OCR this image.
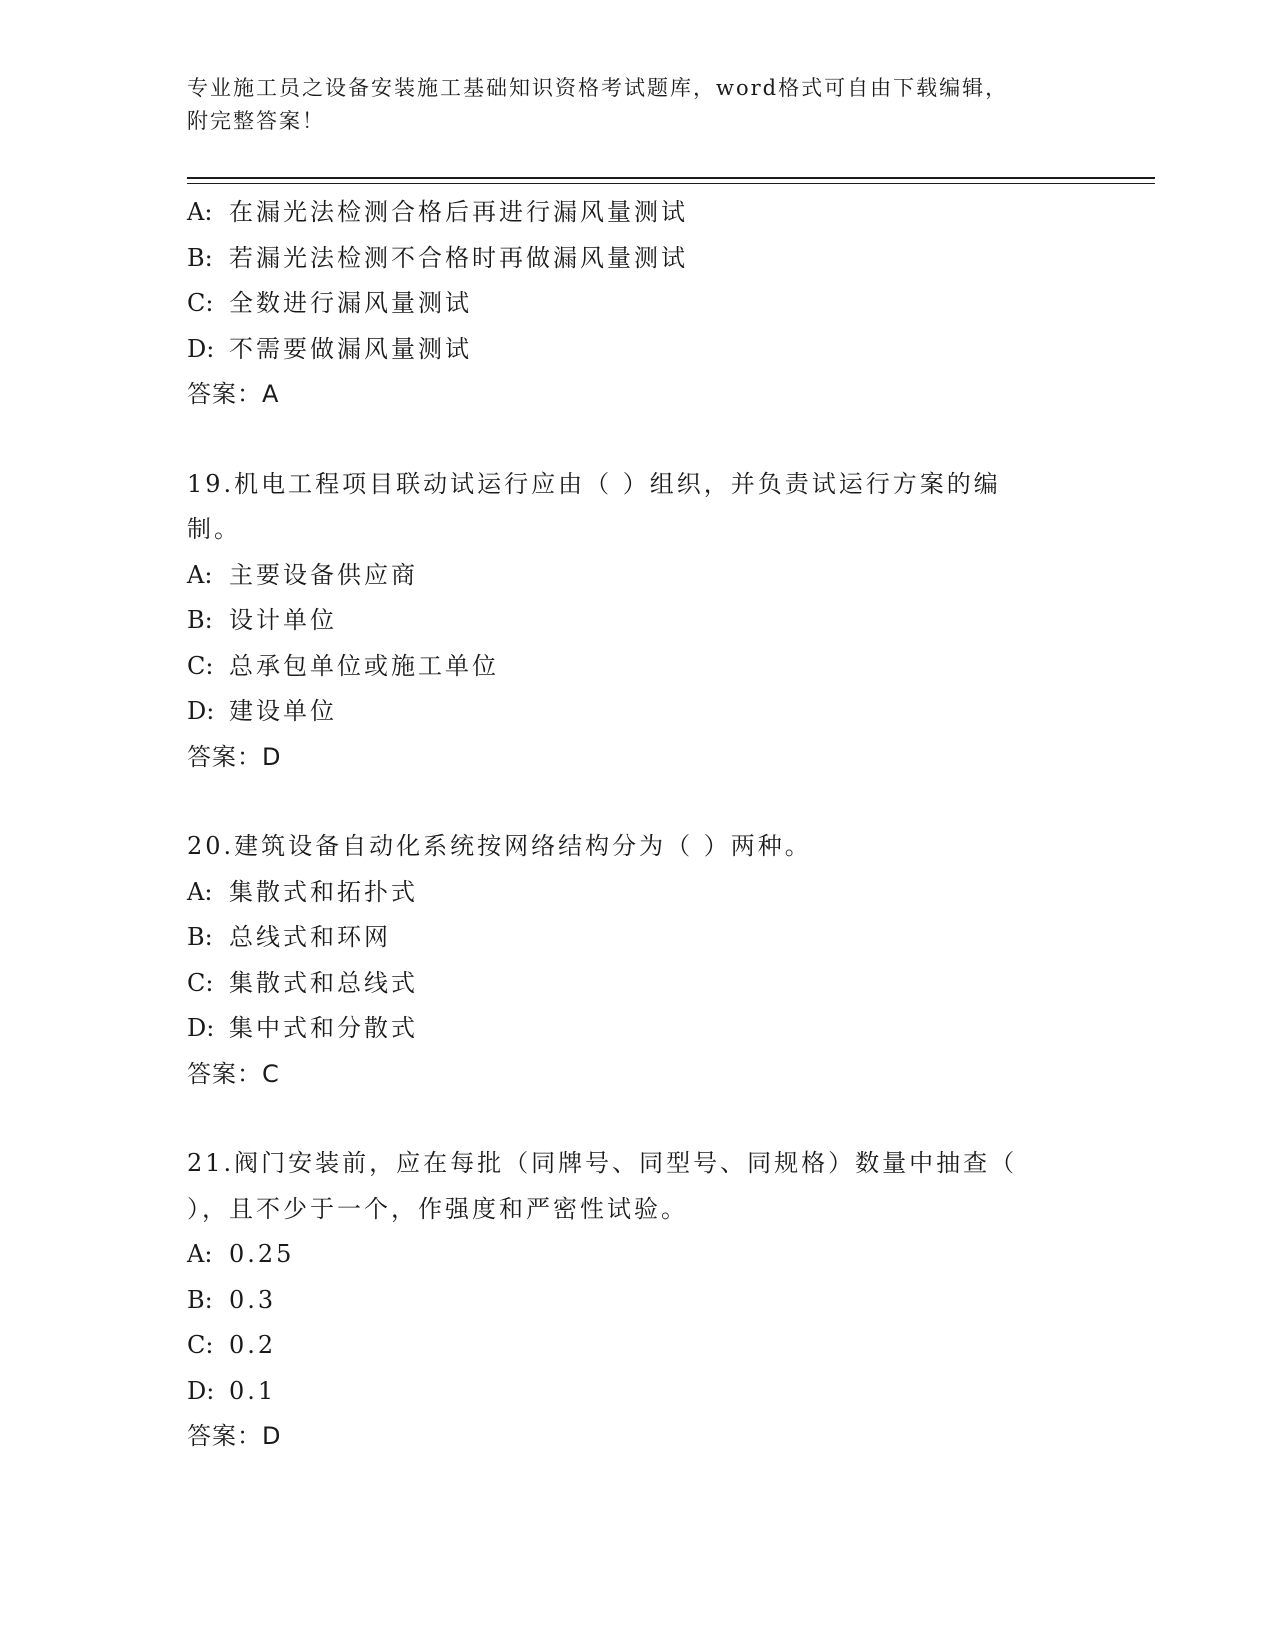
专业施工员之设备安装施工基础知识资格考试题库，word格式可自由下载编辑，
附完整答案！
A: 在漏光法检测合格后再进行漏风量测试
B: 若漏光法检测不合格时再做漏风量测试
C: 全数进行漏风量测试
D: 不需要做漏风量测试
答案：A
19.机电工程项目联动试运行应由（ ）组织，并负责试运行方案的编
制。
A: 主要设备供应商
B: 设计单位
C: 总承包单位或施工单位
D: 建设单位
答案：D
20.建筑设备自动化系统按网络结构分为（ ）两种。
A: 集散式和拓扑式
B: 总线式和环网
C: 集散式和总线式
D: 集中式和分散式
答案：C
21.阀门安装前，应在每批（同牌号、同型号、同规格）数量中抽查（
），且不少于一个，作强度和严密性试验。
A: 0.25
B: 0.3
C: 0.2
D: 0.1
答案：D
